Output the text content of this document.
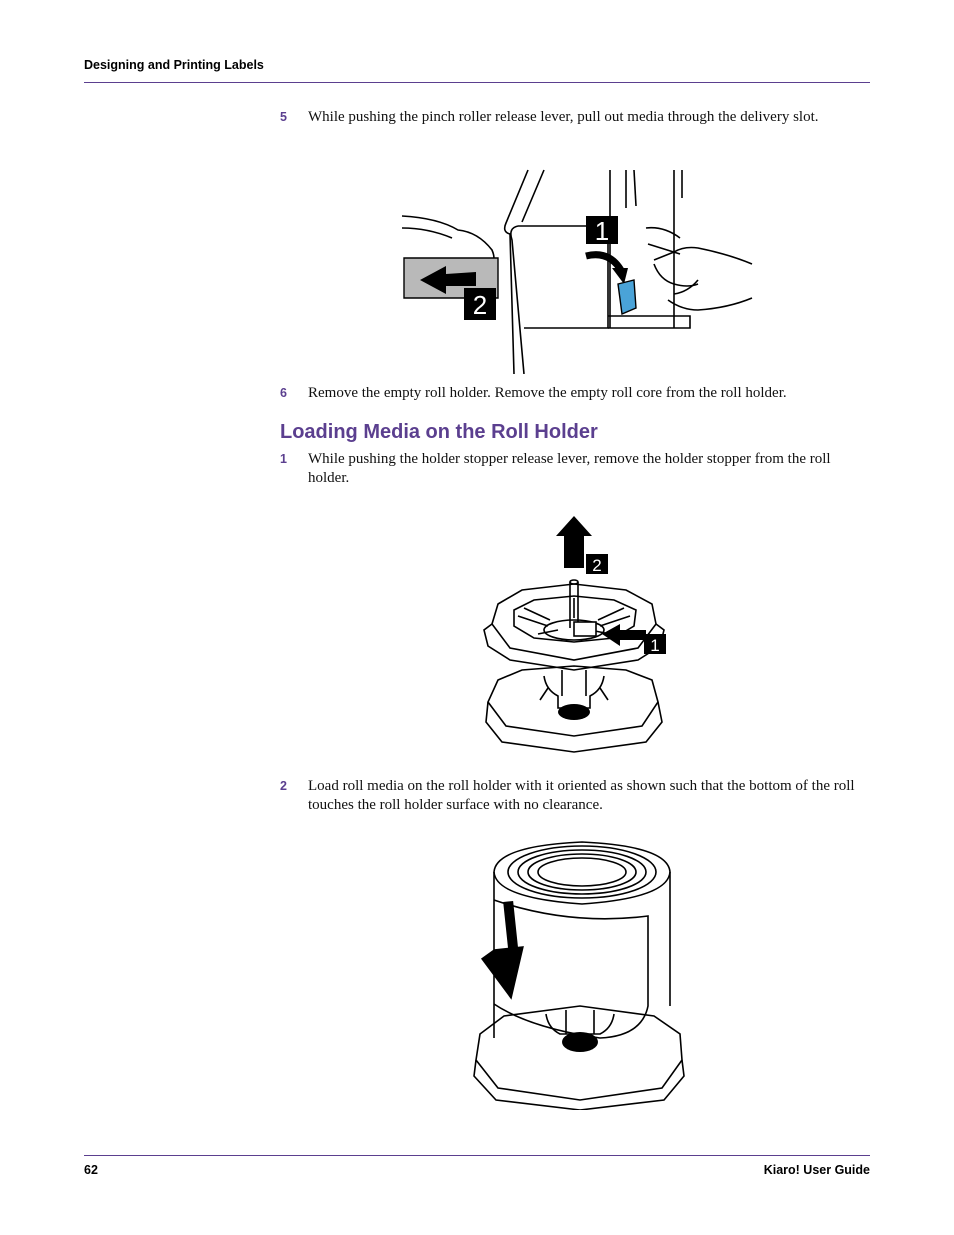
Designing and Printing Labels
5 While pushing the pinch roller release lever, pull out media through the delivery slot.
1
2
6 Remove the empty roll holder. Remove the empty roll core from the roll holder.
Loading Media on the Roll Holder
1 While pushing the holder stopper release lever, remove the holder stopper from the roll holder.
2
1
2 Load roll media on the roll holder with it oriented as shown such that the bottom of the roll touches the roll holder surface with no clearance.
62	Kiaro! User Guide
